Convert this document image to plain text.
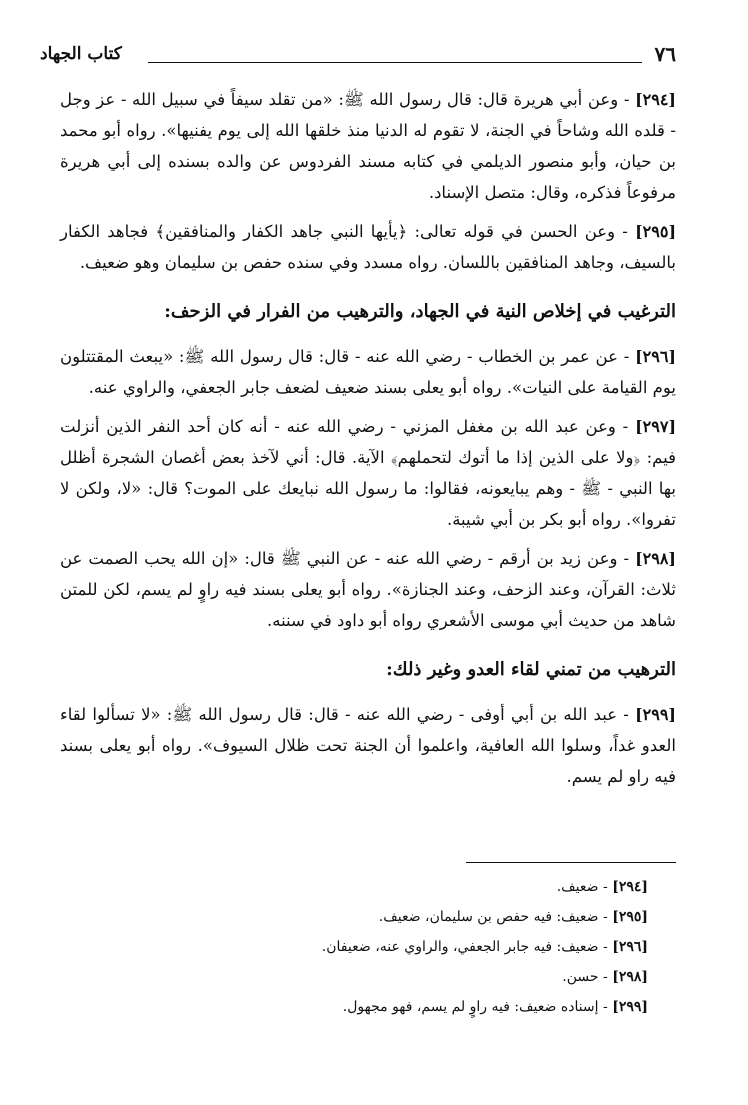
٧٦
كتاب الجهاد

[٢٩٤] - وعن أبي هريرة قال: قال رسول الله ﷺ: «من تقلد سيفاً في سبيل الله - عز وجل - قلده الله وشاحاً في الجنة، لا تقوم له الدنيا منذ خلقها الله إلى يوم يفنيها». رواه أبو محمد بن حيان، وأبو منصور الديلمي في كتابه مسند الفردوس عن والده بسنده إلى أبي هريرة مرفوعاً فذكره، وقال: متصل الإسناد.

[٢٩٥] - وعن الحسن في قوله تعالى: ﴿يأيها النبي جاهد الكفار والمنافقين﴾ فجاهد الكفار بالسيف، وجاهد المنافقين باللسان. رواه مسدد وفي سنده حفص بن سليمان وهو ضعيف.

الترغيب في إخلاص النية في الجهاد، والترهيب من الفرار في الزحف:

[٢٩٦] - عن عمر بن الخطاب - رضي الله عنه - قال: قال رسول الله ﷺ: «يبعث المقتتلون يوم القيامة على النيات». رواه أبو يعلى بسند ضعيف لضعف جابر الجعفي، والراوي عنه.

[٢٩٧] - وعن عبد الله بن مغفل المزني - رضي الله عنه - أنه كان أحد النفر الذين أنزلت فيم: ﴿ولا على الذين إذا ما أتوك لتحملهم﴾ الآية. قال: أني لآخذ بعض أغصان الشجرة أظلل بها النبي - ﷺ - وهم يبايعونه، فقالوا: ما رسول الله نبايعك على الموت؟ قال: «لا، ولكن لا تفروا». رواه أبو بكر بن أبي شيبة.

[٢٩٨] - وعن زيد بن أرقم - رضي الله عنه - عن النبي ﷺ قال: «إن الله يحب الصمت عن ثلاث: القرآن، وعند الزحف، وعند الجنازة». رواه أبو يعلى بسند فيه راوٍ لم يسم، لكن للمتن شاهد من حديث أبي موسى الأشعري رواه أبو داود في سننه.

الترهيب من تمني لقاء العدو وغير ذلك:

[٢٩٩] - عبد الله بن أبي أوفى - رضي الله عنه - قال: قال رسول الله ﷺ: «لا تسألوا لقاء العدو غداً، وسلوا الله العافية، واعلموا أن الجنة تحت ظلال السيوف». رواه أبو يعلى بسند فيه راو لم يسم.

[٢٩٤] - ضعيف.

[٢٩٥] - ضعيف: فيه حفص بن سليمان، ضعيف.

[٢٩٦] - ضعيف: فيه جابر الجعفي، والراوي عنه، ضعيفان.

[٢٩٨] - حسن.

[٢٩٩] - إسناده ضعيف: فيه راوٍ لم يسم، فهو مجهول.
